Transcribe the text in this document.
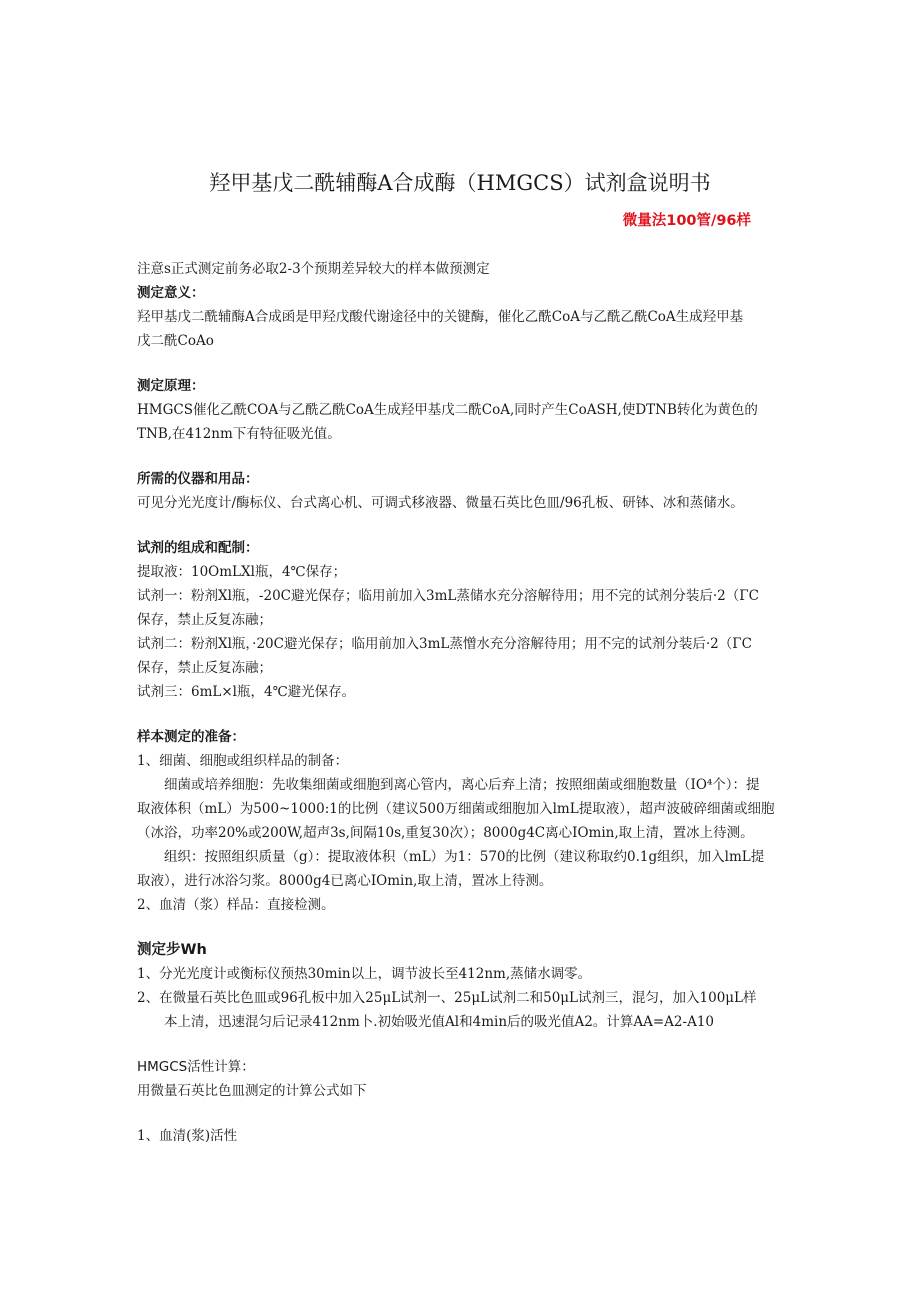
羟甲基戊二酰辅酶A合成酶（HMGCS）试剂盒说明书

微量法100管/96样

注意s正式测定前务必取2-3个预期差异较大的样本做预测定

测定意义：

羟甲基戊二酰辅酶A合成函是甲羟戊酸代谢途径中的关键酶，催化乙酰CoA与乙酰乙酰CoA生成羟甲基

戊二酰CoAo

测定原理：

HMGCS催化乙酰COA与乙酰乙酰CoA生成羟甲基戊二酰CoA,同时产生CoASH,使DTNB转化为黄色的

TNB,在412nm下有特征吸光值。

所需的仪器和用品：

可见分光光度计/酶标仪、台式离心机、可调式移液器、微量石英比色皿/96孔板、研钵、冰和蒸储水。

试剂的组成和配制：

提取液：10OmLXl瓶，4℃保存；

试剂一：粉剂Xl瓶，-20C避光保存；临用前加入3mL蒸储水充分溶解待用；用不完的试剂分装后·2（ΓC

保存，禁止反复冻融；

试剂二：粉剂Xl瓶，·20C避光保存；临用前加入3mL蒸憎水充分溶解待用；用不完的试剂分装后·2（ΓC

保存，禁止反复冻融；

试剂三：6mL×l瓶，4℃避光保存。

样本测定的准备：

1、细菌、细胞或组织样品的制备：

细菌或培养细胞：先收集细菌或细胞到离心管内，离心后弃上清；按照细菌或细胞数量（IO⁴个）：提

取液体积（mL）为500~1000:1的比例（建议500万细菌或细胞加入lmL提取液），超声波破碎细菌或细胞

（冰浴，功率20%或200W,超声3s,间隔10s,重复30次）；8000g4C离心IOmin,取上清，置冰上待测。

组织：按照组织质量（g）：提取液体积（mL）为1：570的比例（建议称取约0.1g组织，加入lmL提

取液），进行冰浴匀浆。8000g4已离心IOmin,取上清，置冰上待测。

2、血清（浆）样品：直接检测。

测定步Wh

1、分光光度计或衡标仪预热30min以上，调节波长至412nm,蒸储水调零。

2、在微量石英比色皿或96孔板中加入25μL试剂一、25μL试剂二和50μL试剂三，混匀，加入100μL样

本上清，迅速混匀后记录412nm卜.初始吸光值Al和4min后的吸光值A2。计算AA=A2-A10

HMGCS活性计算：

用微量石英比色皿测定的计算公式如下

1、血清(浆)活性
